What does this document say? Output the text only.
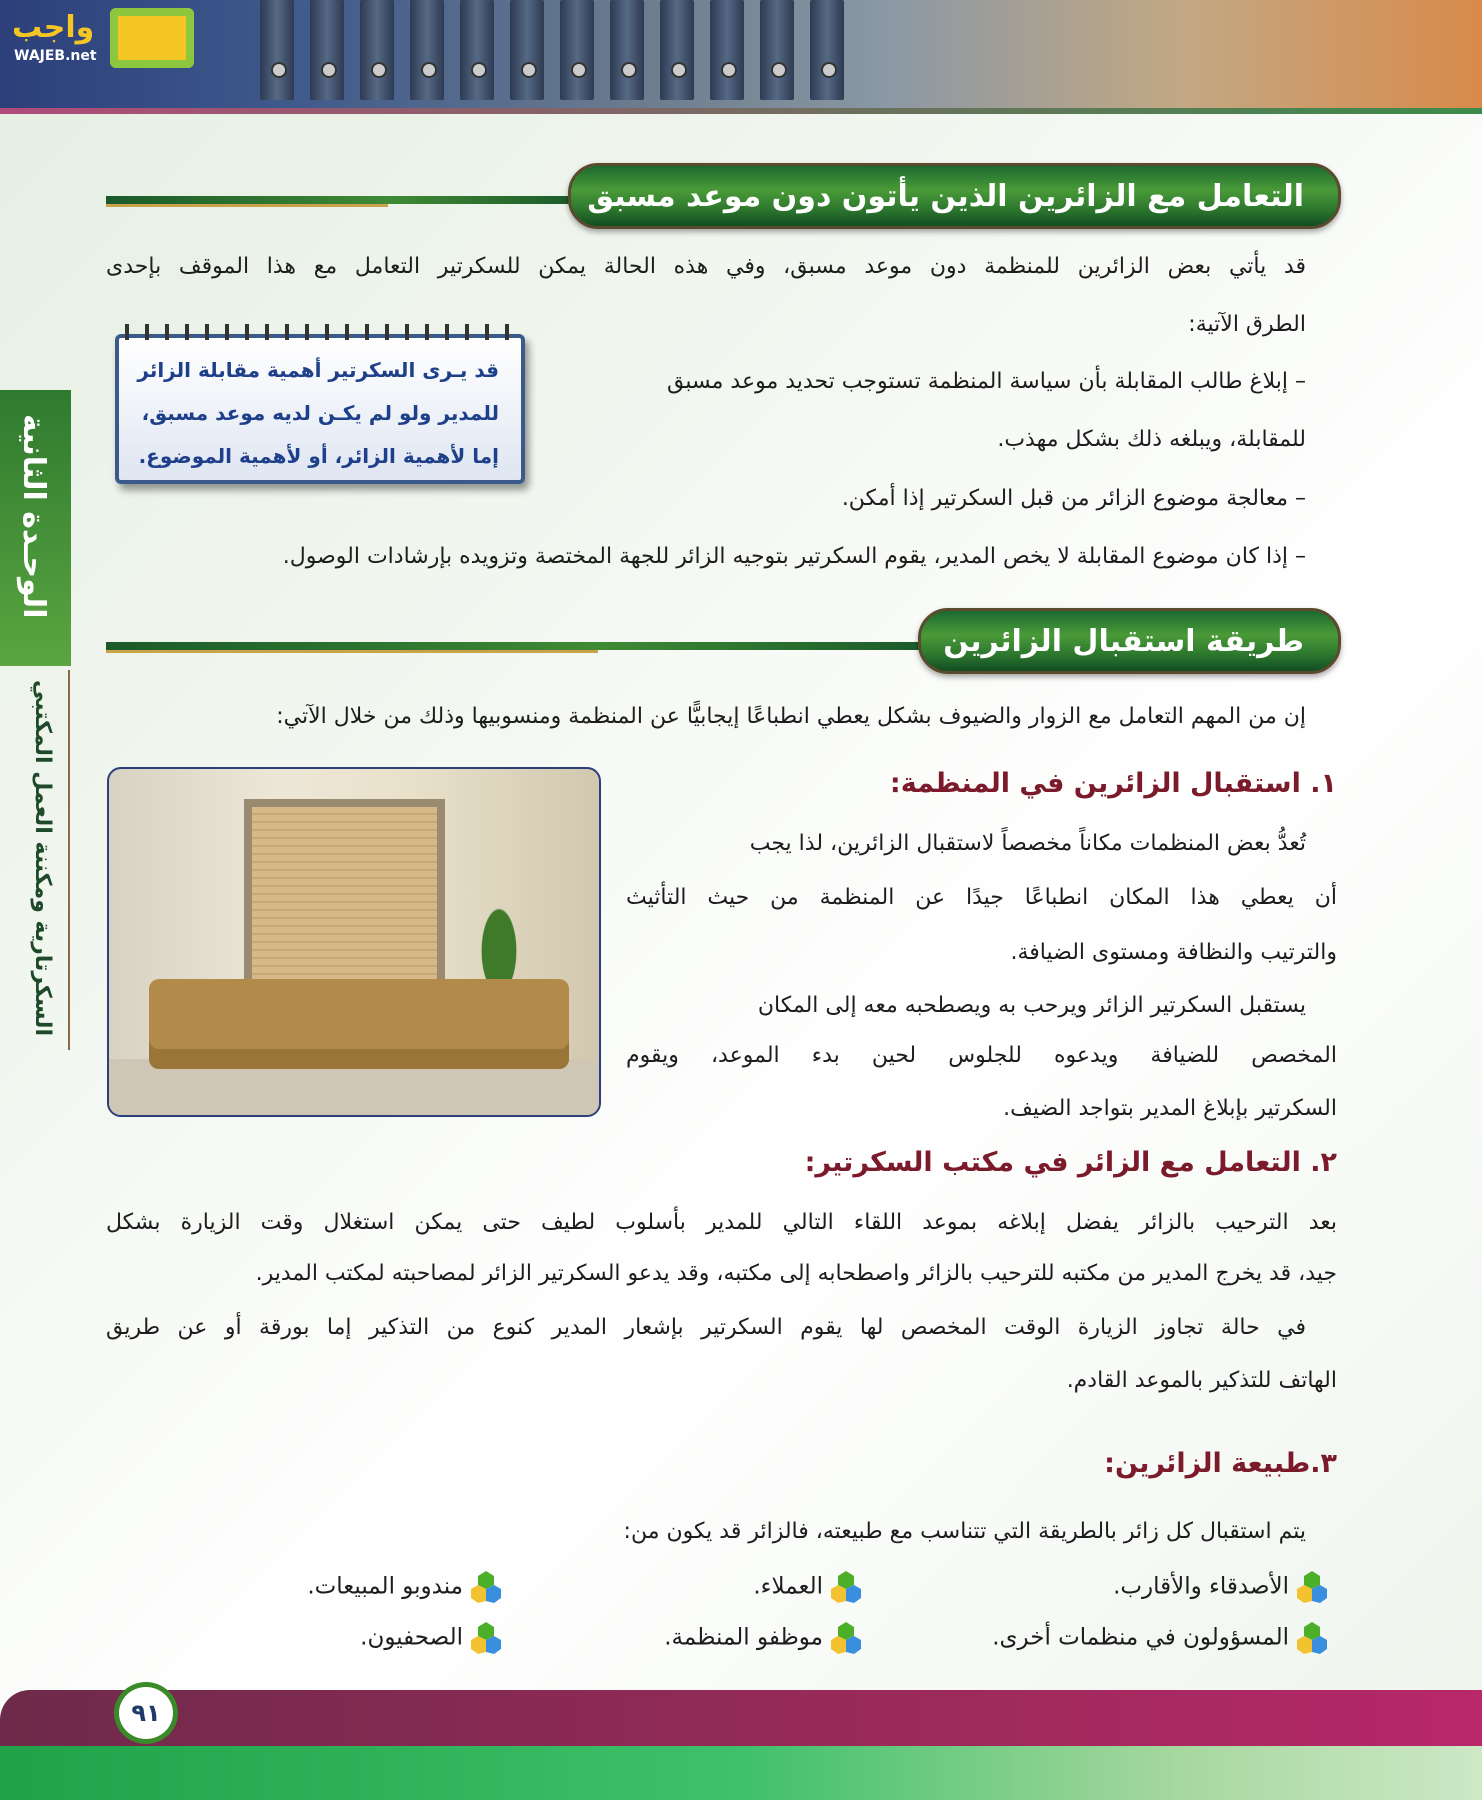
واجب
WAJEB.net
الوحـدة الثانية
السكرتارية ومكننة العمل المكتبي
التعامل مع الزائرين الذين يأتون دون موعد مسبق
قد يأتي بعض الزائرين للمنظمة دون موعد مسبق، وفي هذه الحالة يمكن للسكرتير التعامل مع هذا الموقف بإحدى
الطرق الآتية:
– إبلاغ طالب المقابلة بأن سياسة المنظمة تستوجب تحديد موعد مسبق
للمقابلة، ويبلغه ذلك بشكل مهذب.
– معالجة موضوع الزائر من قبل السكرتير إذا أمكن.
– إذا كان موضوع المقابلة لا يخص المدير، يقوم السكرتير بتوجيه الزائر للجهة المختصة وتزويده بإرشادات الوصول.
قد يـرى السكرتير أهمية مقابلة الزائر
للمدير ولو لم يكـن لديه موعد مسبق،
إما لأهمية الزائر، أو لأهمية الموضوع.
طريقة استقبال الزائرين
إن من المهم التعامل مع الزوار والضيوف بشكل يعطي انطباعًا إيجابيًّا عن المنظمة ومنسوبيها وذلك من خلال الآتي:
١. استقبال الزائرين في المنظمة:
تُعدُّ بعض المنظمات مكاناً مخصصاً لاستقبال الزائرين، لذا يجب
أن يعطي هذا المكان انطباعًا جيدًا عن المنظمة من حيث التأثيث
والترتيب والنظافة ومستوى الضيافة.
يستقبل السكرتير الزائر ويرحب به ويصطحبه معه إلى المكان
المخصص للضيافة ويدعوه للجلوس لحين بدء الموعد، ويقوم
السكرتير بإبلاغ المدير بتواجد الضيف.
٢. التعامل مع الزائر في مكتب السكرتير:
بعد الترحيب بالزائر يفضل إبلاغه بموعد اللقاء التالي للمدير بأسلوب لطيف حتى يمكن استغلال وقت الزيارة بشكل
جيد، قد يخرج المدير من مكتبه للترحيب بالزائر واصطحابه إلى مكتبه، وقد يدعو السكرتير الزائر لمصاحبته لمكتب المدير.
في حالة تجاوز الزيارة الوقت المخصص لها يقوم السكرتير بإشعار المدير كنوع من التذكير إما بورقة أو عن طريق
الهاتف للتذكير بالموعد القادم.
٣.طبيعة الزائرين:
يتم استقبال كل زائر بالطريقة التي تتناسب مع طبيعته، فالزائر قد يكون من:
الأصدقاء والأقارب.
العملاء.
مندوبو المبيعات.
المسؤولون في منظمات أخرى.
موظفو المنظمة.
الصحفيون.
٩١
